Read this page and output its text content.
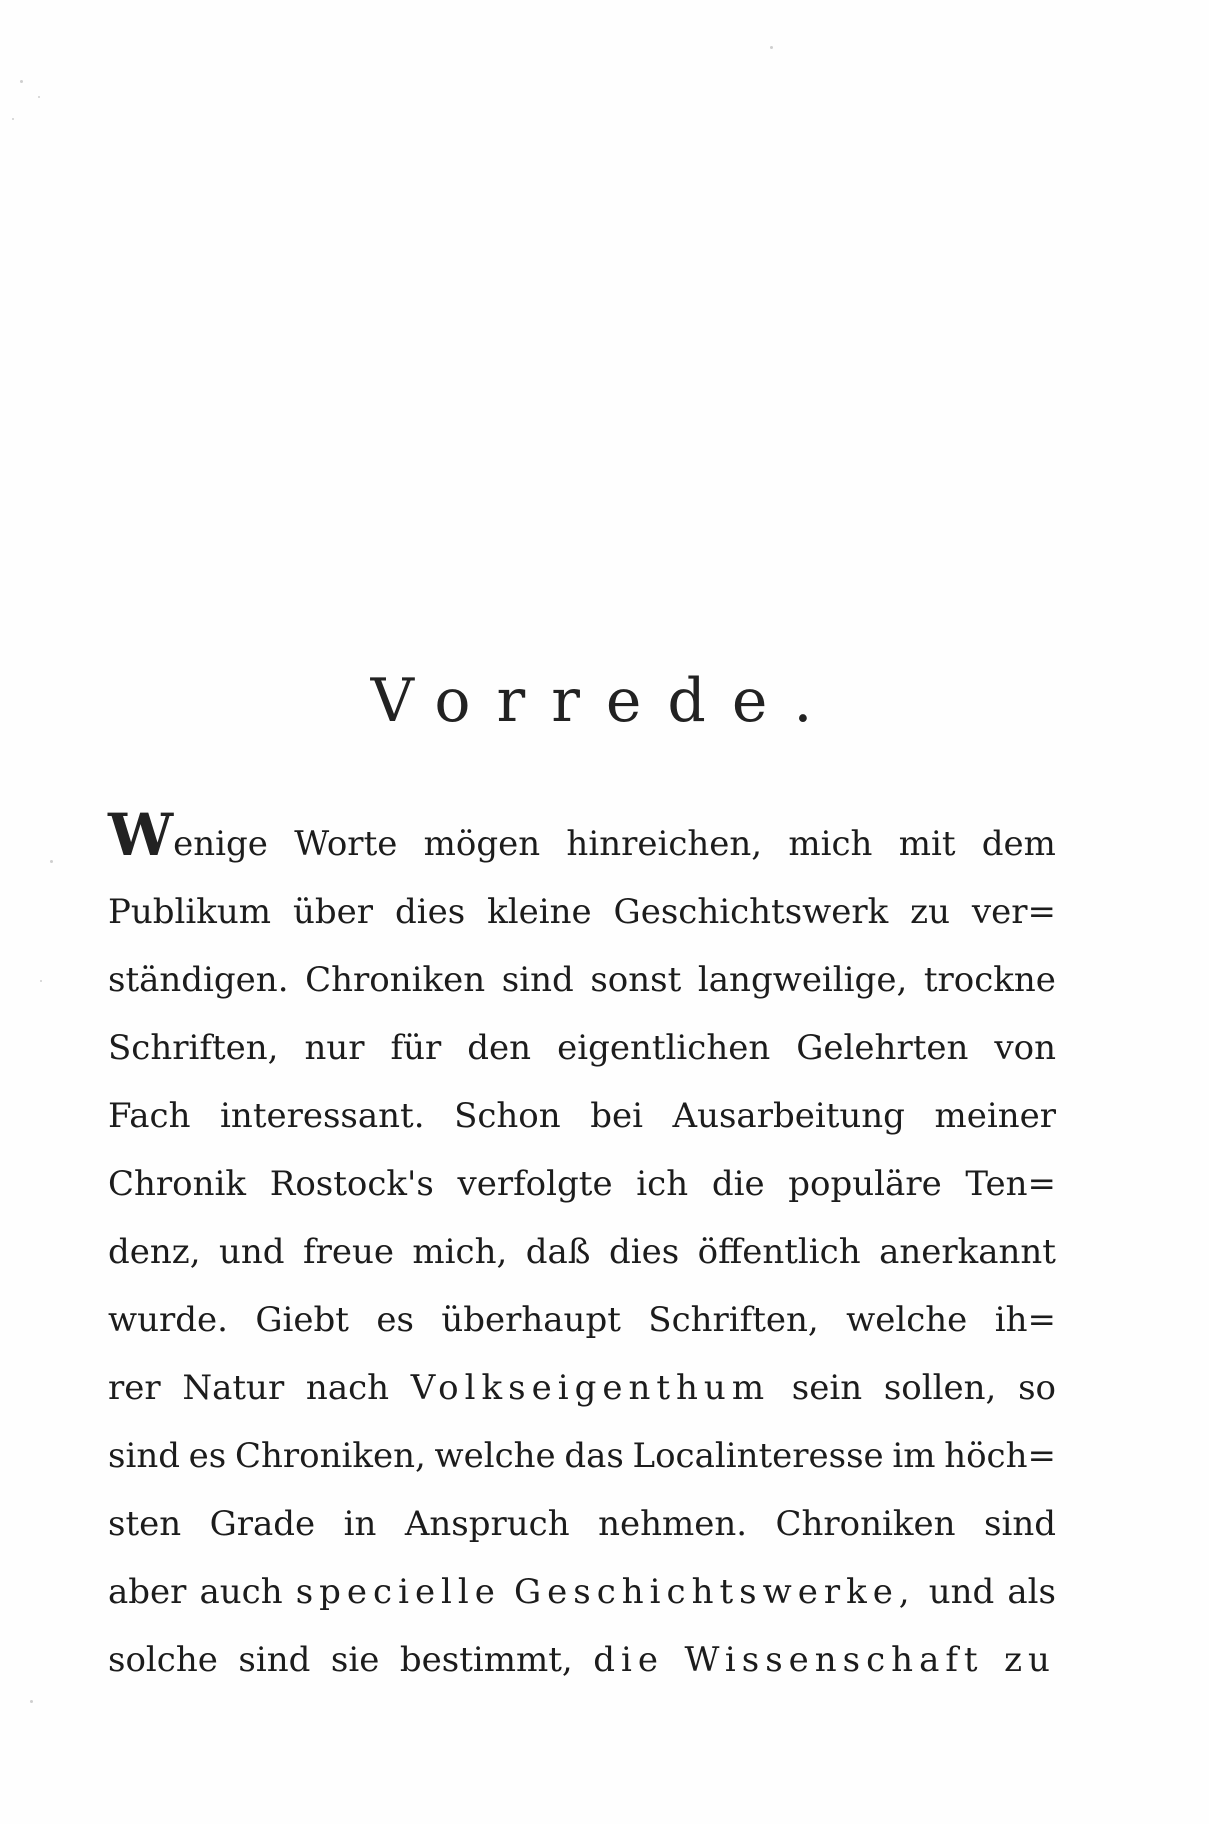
Vorrede.
Wenige Worte mögen hinreichen, mich mit dem
Publikum über dies kleine Geschichtswerk zu ver=
ständigen. Chroniken sind sonst langweilige, trockne
Schriften, nur für den eigentlichen Gelehrten von
Fach interessant. Schon bei Ausarbeitung meiner
Chronik Rostock's verfolgte ich die populäre Ten=
denz, und freue mich, daß dies öffentlich anerkannt
wurde. Giebt es überhaupt Schriften, welche ih=
rer Natur nach Volkseigenthum sein sollen, so
sind es Chroniken, welche das Localinteresse im höch=
sten Grade in Anspruch nehmen. Chroniken sind
aber auch specielle Geschichtswerke, und als
solche sind sie bestimmt, die Wissenschaft zu
